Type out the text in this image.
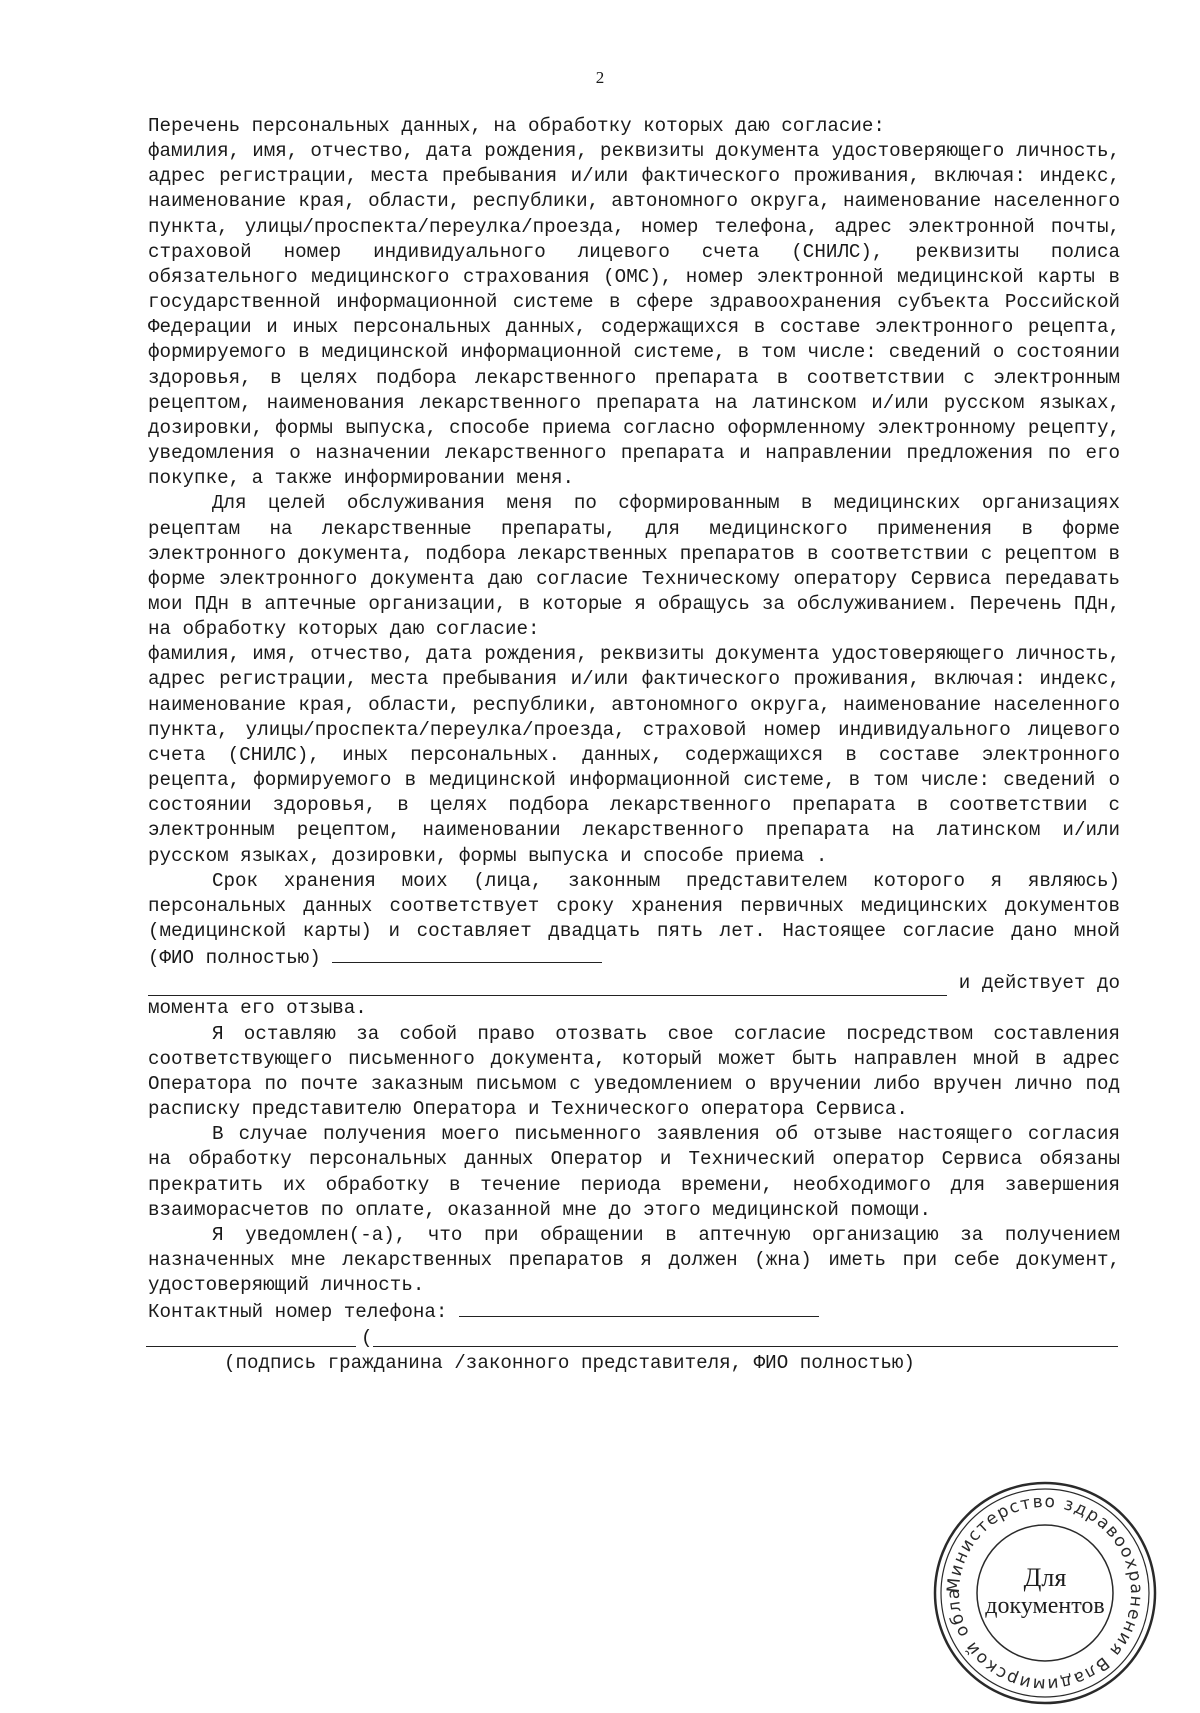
2

Перечень персональных данных, на обработку которых даю согласие:

фамилия, имя, отчество, дата рождения, реквизиты документа удостоверяющего личность, адрес регистрации, места пребывания и/или фактического проживания, включая: индекс, наименование края, области, республики, автономного округа, наименование населенного пункта, улицы/проспекта/переулка/проезда, номер телефона, адрес электронной почты, страховой номер индивидуального лицевого счета (СНИЛС), реквизиты полиса обязательного медицинского страхования (ОМС), номер электронной медицинской карты в государственной информационной системе в сфере здравоохранения субъекта Российской Федерации и иных персональных данных, содержащихся в составе электронного рецепта, формируемого в медицинской информационной системе, в том числе: сведений о состоянии здоровья, в целях подбора лекарственного препарата в соответствии с электронным рецептом, наименования лекарственного препарата на латинском и/или русском языках, дозировки, формы выпуска, способе приема согласно оформленному электронному рецепту, уведомления о назначении лекарственного препарата и направлении предложения по его покупке, а также информировании меня.

Для целей обслуживания меня по сформированным в медицинских организациях рецептам на лекарственные препараты, для медицинского применения в форме электронного документа, подбора лекарственных препаратов в соответствии с рецептом в форме электронного документа даю согласие Техническому оператору Сервиса передавать мои ПДн в аптечные организации, в которые я обращусь за обслуживанием. Перечень ПДн, на обработку которых даю согласие:

фамилия, имя, отчество, дата рождения, реквизиты документа удостоверяющего личность, адрес регистрации, места пребывания и/или фактического проживания, включая: индекс, наименование края, области, республики, автономного округа, наименование населенного пункта, улицы/проспекта/переулка/проезда, страховой номер индивидуального лицевого счета (СНИЛС), иных персональных. данных, содержащихся в составе электронного рецепта, формируемого в медицинской информационной системе, в том числе: сведений о состоянии здоровья, в целях подбора лекарственного препарата в соответствии с электронным рецептом, наименовании лекарственного препарата на латинском и/или русском языках, дозировки, формы выпуска и способе приема .

Срок хранения моих (лица, законным представителем которого я являюсь) персональных данных соответствует сроку хранения первичных медицинских документов (медицинской карты) и составляет двадцать пять лет. Настоящее согласие дано мной (ФИО полностью)

и действует до

момента его отзыва.

Я оставляю за собой право отозвать свое согласие посредством составления соответствующего письменного документа, который может быть направлен мной в адрес Оператора по почте заказным письмом с уведомлением о вручении либо вручен лично под расписку представителю Оператора и Технического оператора Сервиса.

В случае получения моего письменного заявления об отзыве настоящего согласия на обработку персональных данных Оператор и Технический оператор Сервиса обязаны прекратить их обработку в течение периода времени, необходимого для завершения взаиморасчетов по оплате, оказанной мне до этого медицинской помощи.

Я уведомлен(-а), что при обращении в аптечную организацию за получением назначенных мне лекарственных препаратов я должен (жна) иметь при себе документ, удостоверяющий личность.

Контактный номер телефона:
(
(подпись гражданина /законного представителя, ФИО полностью)
Министерство здравоохранения Владимирской обла
Для
документов
